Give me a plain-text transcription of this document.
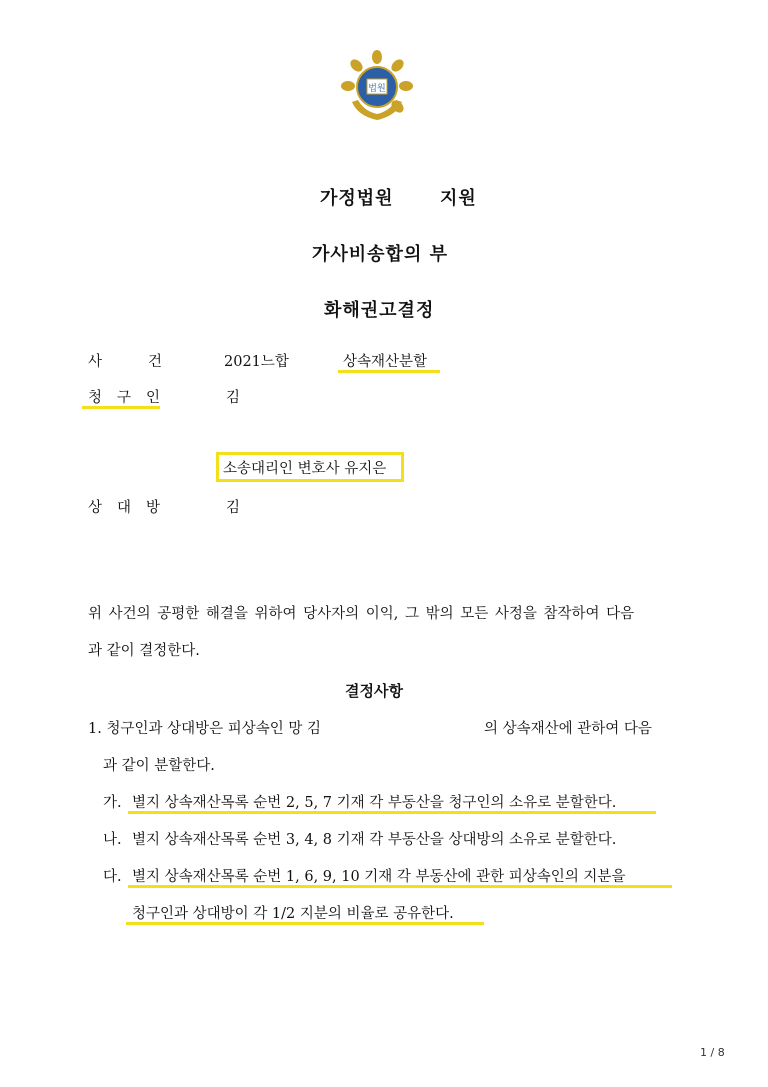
법원
가정법원	지원
가사비송합의 부
화해권고결정
사	건	2021느합	상속재산분할
청 구 인	김
소송대리인 변호사 유지은
상 대 방	김
위 사건의 공평한 해결을 위하여 당사자의 이익, 그 밖의 모든 사정을 참작하여 다음
과 같이 결정한다.
결정사항
1. 청구인과 상대방은 피상속인 망 김	의 상속재산에 관하여 다음
과 같이 분할한다.
가. 별지 상속재산목록 순번 2, 5, 7 기재 각 부동산을 청구인의 소유로 분할한다.
나. 별지 상속재산목록 순번 3, 4, 8 기재 각 부동산을 상대방의 소유로 분할한다.
다. 별지 상속재산목록 순번 1, 6, 9, 10 기재 각 부동산에 관한 피상속인의 지분을
청구인과 상대방이 각 1/2 지분의 비율로 공유한다.
1 / 8
